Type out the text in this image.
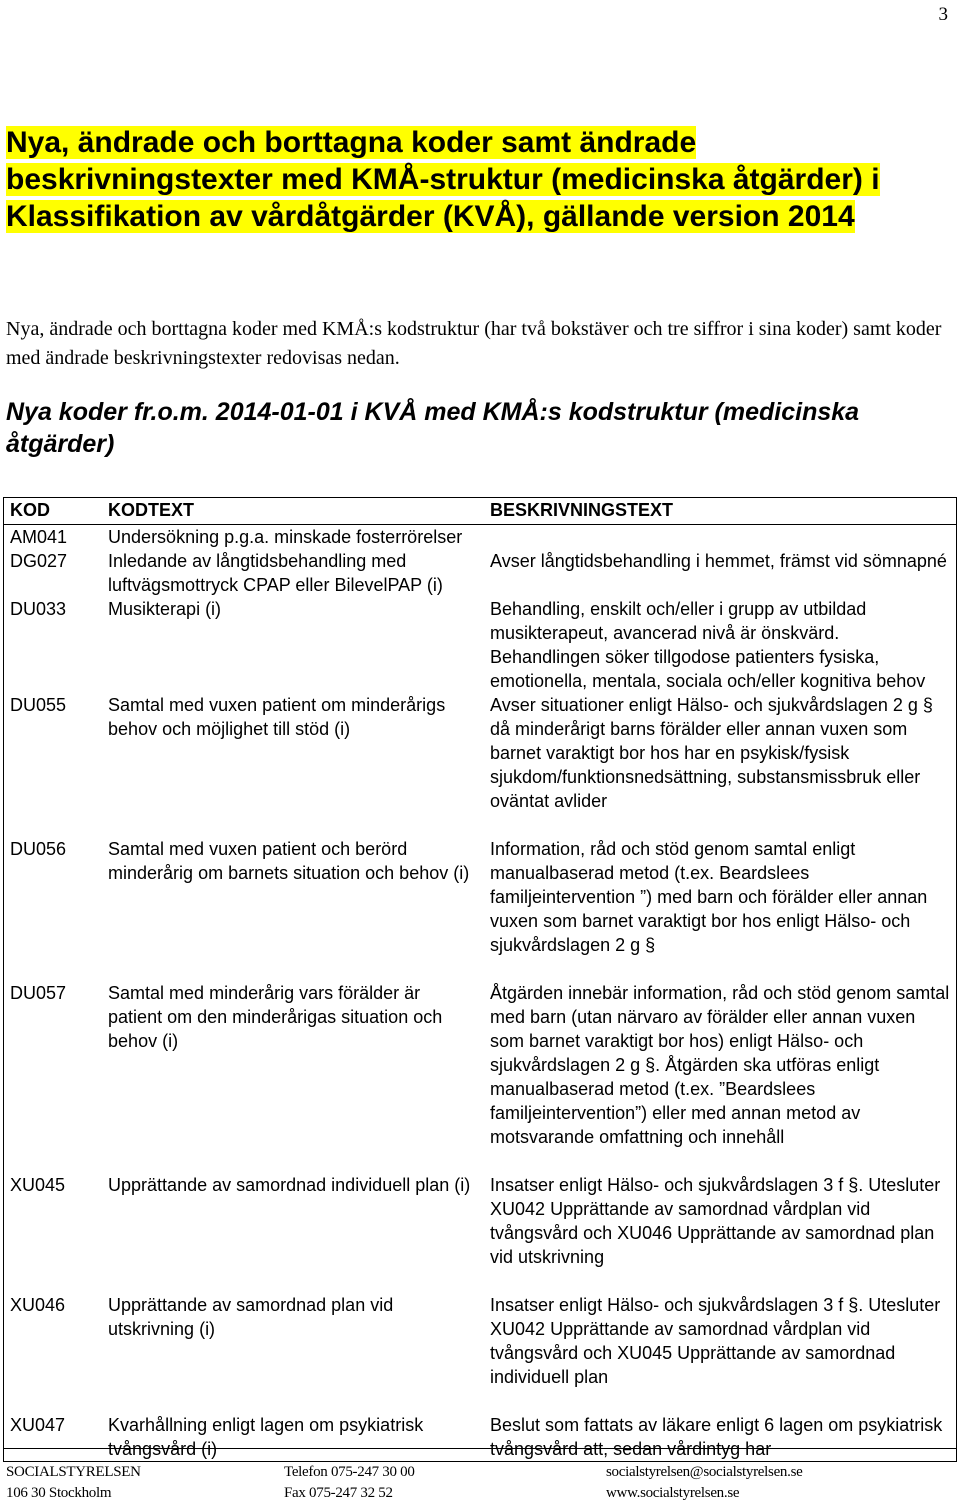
3
Nya, ändrade och borttagna koder samt ändrade beskrivningstexter med KMÅ-struktur (medicinska åtgärder) i Klassifikation av vårdåtgärder (KVÅ), gällande version 2014

Nya, ändrade och borttagna koder med KMÅ:s kodstruktur (har två bokstäver och tre siffror i sina koder) samt koder med ändrade beskrivningstexter redovisas nedan.

Nya koder fr.o.m. 2014-01-01 i KVÅ med KMÅ:s kodstruktur (medicinska åtgärder)
KOD	KODTEXT	BESKRIVNINGSTEXT
AM041	Undersökning p.g.a. minskade fosterrörelser	
DG027	Inledande av långtidsbehandling med luftvägsmottryck CPAP eller BilevelPAP (i)	Avser långtidsbehandling i hemmet, främst vid sömnapné
DU033	Musikterapi (i)	Behandling, enskilt och/eller i grupp av utbildad musikterapeut, avancerad nivå är önskvärd. Behandlingen söker tillgodose patienters fysiska, emotionella, mentala, sociala och/eller kognitiva behov
DU055	Samtal med vuxen patient om minderårigs behov och möjlighet till stöd (i)	Avser situationer enligt Hälso- och sjukvårdslagen 2 g § då minderårigt barns förälder eller annan vuxen som barnet varaktigt bor hos har en psykisk/fysisk sjukdom/funktionsnedsättning, substansmissbruk eller oväntat avlider
DU056	Samtal med vuxen patient och berörd minderårig om barnets situation och behov (i)	Information, råd och stöd genom samtal enligt manualbaserad metod (t.ex. Beardslees familjeintervention ”) med barn och förälder eller annan vuxen som barnet varaktigt bor hos enligt Hälso- och sjukvårdslagen 2 g §
DU057	Samtal med minderårig vars förälder är patient om den minderårigas situation och behov (i)	Åtgärden innebär information, råd och stöd genom samtal med barn (utan närvaro av förälder eller annan vuxen som barnet varaktigt bor hos) enligt Hälso- och sjukvårdslagen 2 g §. Åtgärden ska utföras enligt manualbaserad metod (t.ex. ”Beardslees familjeintervention”) eller med annan metod av motsvarande omfattning och innehåll
XU045	Upprättande av samordnad individuell plan (i)	Insatser enligt Hälso- och sjukvårdslagen 3 f §. Utesluter XU042 Upprättande av samordnad vårdplan vid tvångsvård och XU046 Upprättande av samordnad plan vid utskrivning
XU046	Upprättande av samordnad plan vid utskrivning (i)	Insatser enligt Hälso- och sjukvårdslagen 3 f §. Utesluter XU042 Upprättande av samordnad vårdplan vid tvångsvård och XU045 Upprättande av samordnad individuell plan
XU047	Kvarhållning enligt lagen om psykiatrisk tvångsvård (i)	Beslut som fattats av läkare enligt 6 lagen om psykiatrisk tvångsvård att, sedan vårdintyg har
SOCIALSTYRELSEN
106 30 Stockholm
Telefon 075-247 30 00
Fax 075-247 32 52
socialstyrelsen@socialstyrelsen.se
www.socialstyrelsen.se
